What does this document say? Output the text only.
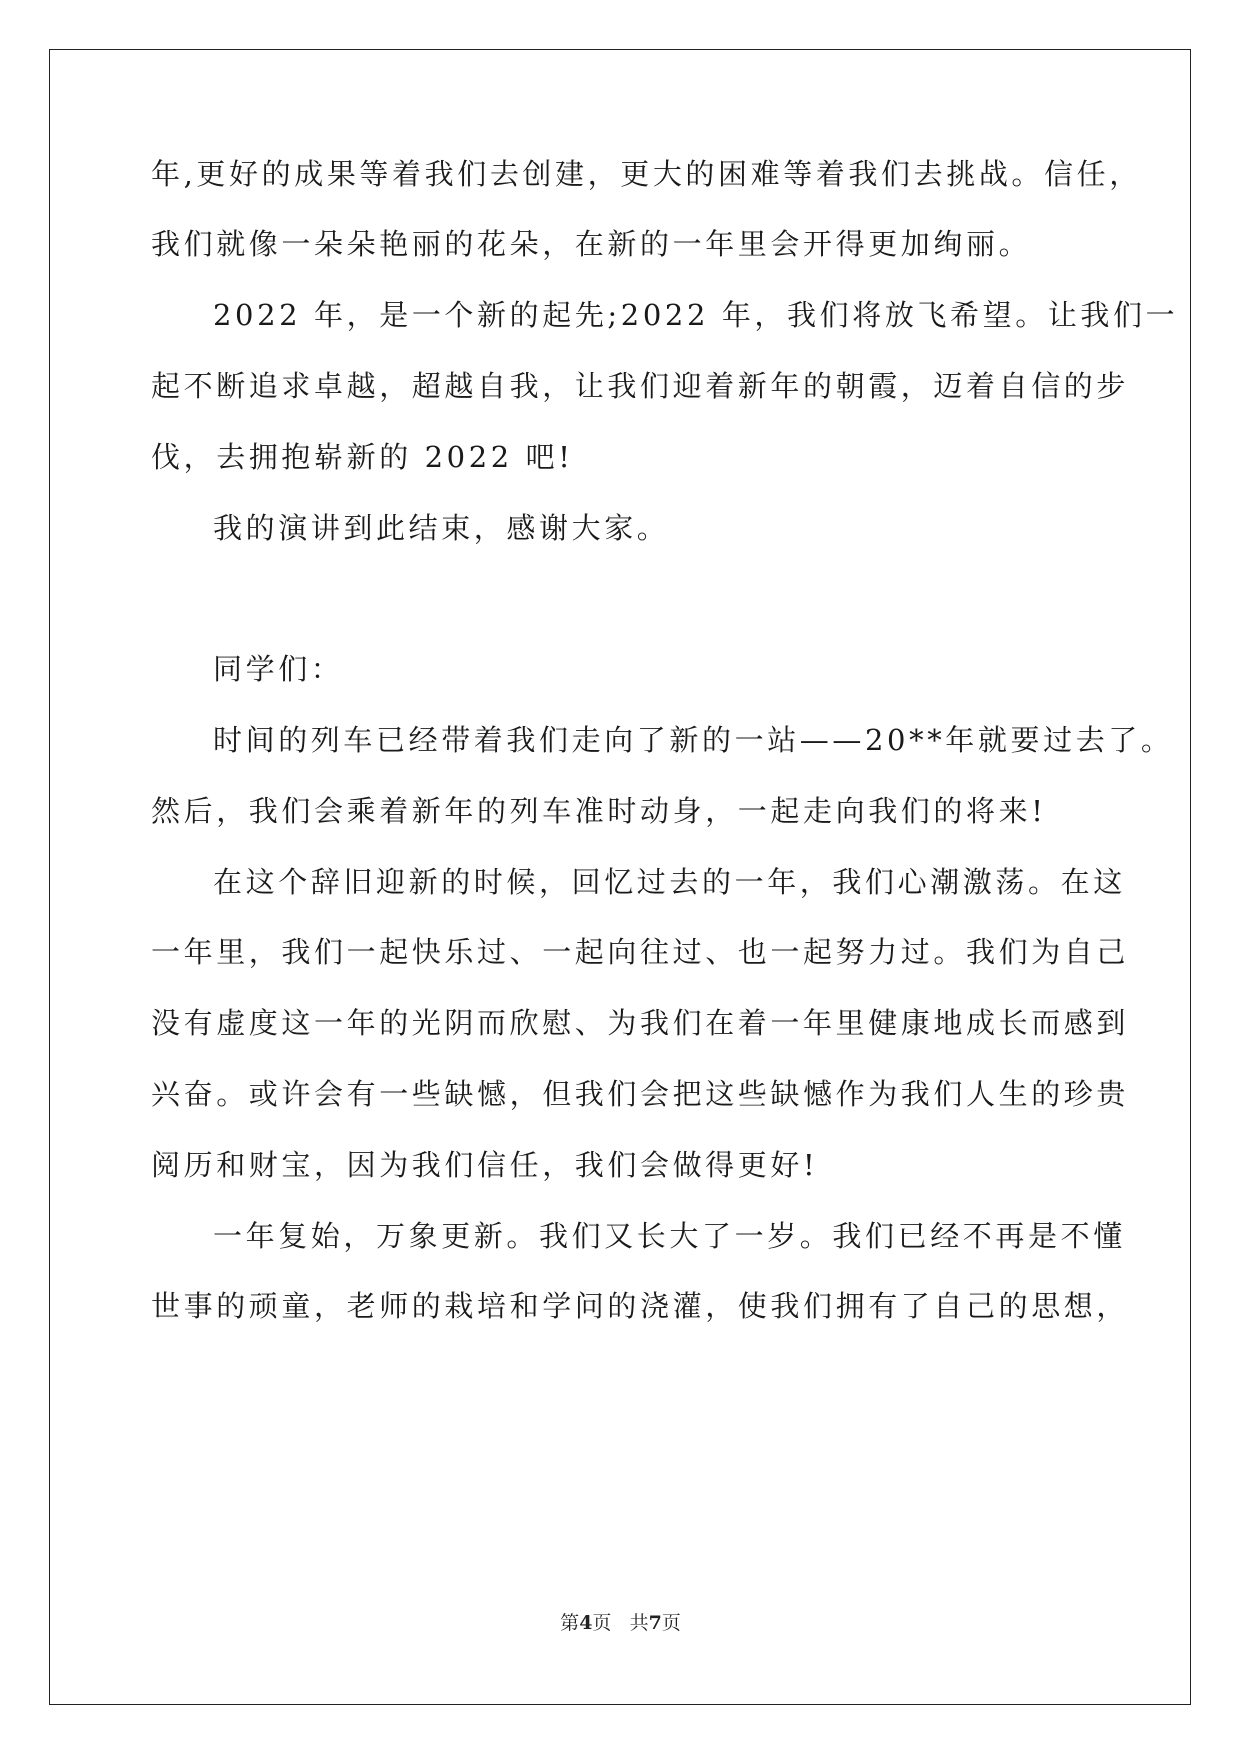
年,更好的成果等着我们去创建，更大的困难等着我们去挑战。信任，
我们就像一朵朵艳丽的花朵，在新的一年里会开得更加绚丽。
2022 年，是一个新的起先;2022 年，我们将放飞希望。让我们一
起不断追求卓越，超越自我，让我们迎着新年的朝霞，迈着自信的步
伐，去拥抱崭新的 2022 吧!
我的演讲到此结束，感谢大家。
同学们：
时间的列车已经带着我们走向了新的一站——20**年就要过去了。
然后，我们会乘着新年的列车准时动身，一起走向我们的将来!
在这个辞旧迎新的时候，回忆过去的一年，我们心潮激荡。在这
一年里，我们一起快乐过、一起向往过、也一起努力过。我们为自己
没有虚度这一年的光阴而欣慰、为我们在着一年里健康地成长而感到
兴奋。或许会有一些缺憾，但我们会把这些缺憾作为我们人生的珍贵
阅历和财宝，因为我们信任，我们会做得更好!
一年复始，万象更新。我们又长大了一岁。我们已经不再是不懂
世事的顽童，老师的栽培和学问的浇灌，使我们拥有了自己的思想，
第4页 共7页
